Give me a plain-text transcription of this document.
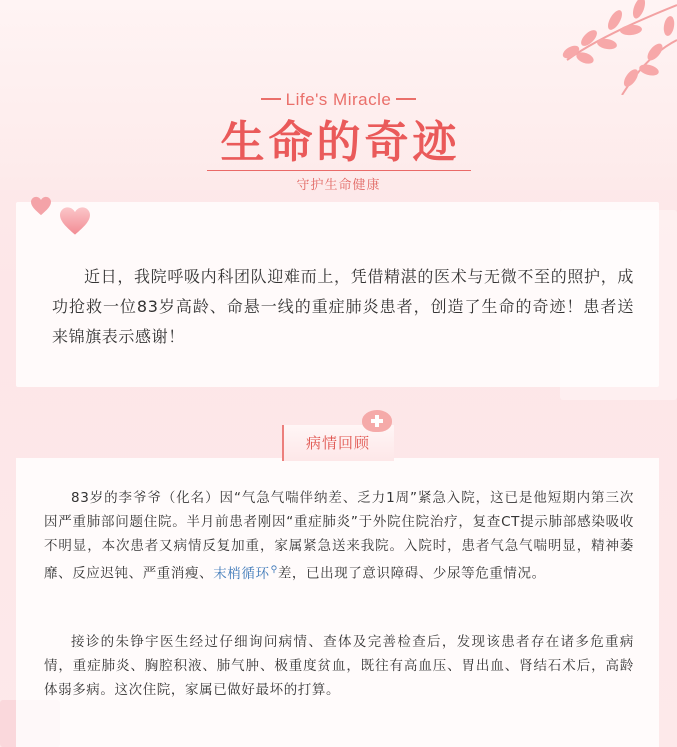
Life's Miracle
生命的奇迹
守护生命健康
近日，我院呼吸内科团队迎难而上，凭借精湛的医术与无微不至的照护，成功抢救一位83岁高龄、命悬一线的重症肺炎患者，创造了生命的奇迹！患者送来锦旗表示感谢！
病情回顾
83岁的李爷爷（化名）因“气急气喘伴纳差、乏力1周”紧急入院，这已是他短期内第三次因严重肺部问题住院。半月前患者刚因“重症肺炎”于外院住院治疗，复查CT提示肺部感染吸收不明显，本次患者又病情反复加重，家属紧急送来我院。入院时，患者气急气喘明显，精神萎靡、反应迟钝、严重消瘦、末梢循环⚲差，已出现了意识障碍、少尿等危重情况。
接诊的朱铮宇医生经过仔细询问病情、查体及完善检查后，发现该患者存在诸多危重病情，重症肺炎、胸腔积液、肺气肿、极重度贫血，既往有高血压、胃出血、肾结石术后，高龄体弱多病。这次住院，家属已做好最坏的打算。
